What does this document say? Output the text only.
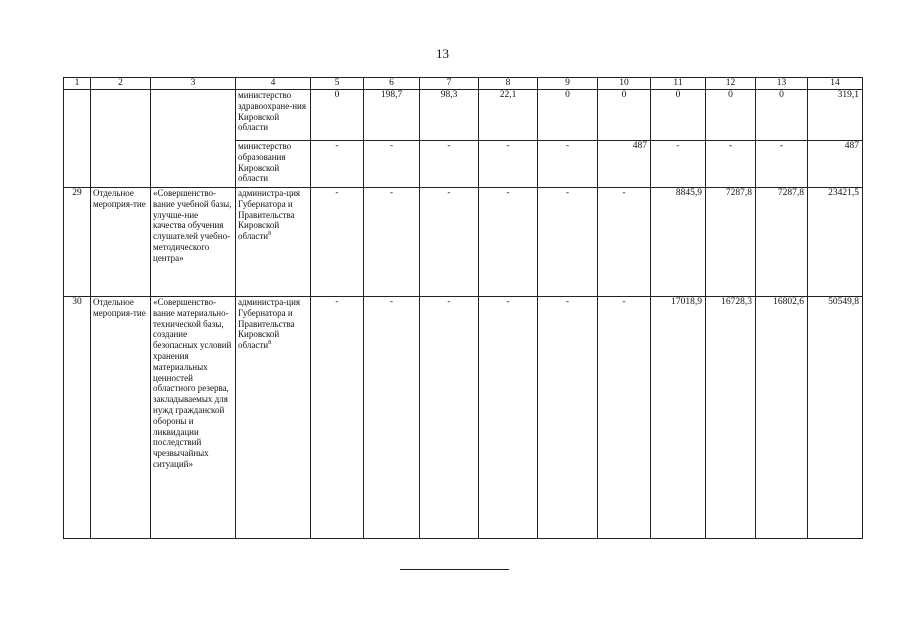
13
1	2	3	4	5	6	7	8	9	10	11	12	13	14
			министерство здравоохране-ния Кировской области	0	198,7	98,3	22,1	0	0	0	0	0	319,1
			министерство образования Кировской области	-	-	-	-	-	487	-	-	-	487
29	Отдельное мероприя-тие	«Совершенство-вание учебной базы, улучше-ние качества обучения слушателей учебно-методического центра»	администра-ция Губернатора и Правительства Кировской области$^8$	-	-	-	-	-	-	8845,9	7287,8	7287,8	23421,5
30	Отдельное мероприя-тие	«Совершенство-вание материально-технической базы, создание безопасных условий хранения материальных ценностей областного резерва, закладываемых для нужд гражданской обороны и ликвидации последствий чрезвычайных ситуаций»	администра-ция Губернатора и Правительства Кировской области$^8$	-	-	-	-	-	-	17018,9	16728,3	16802,6	50549,8
